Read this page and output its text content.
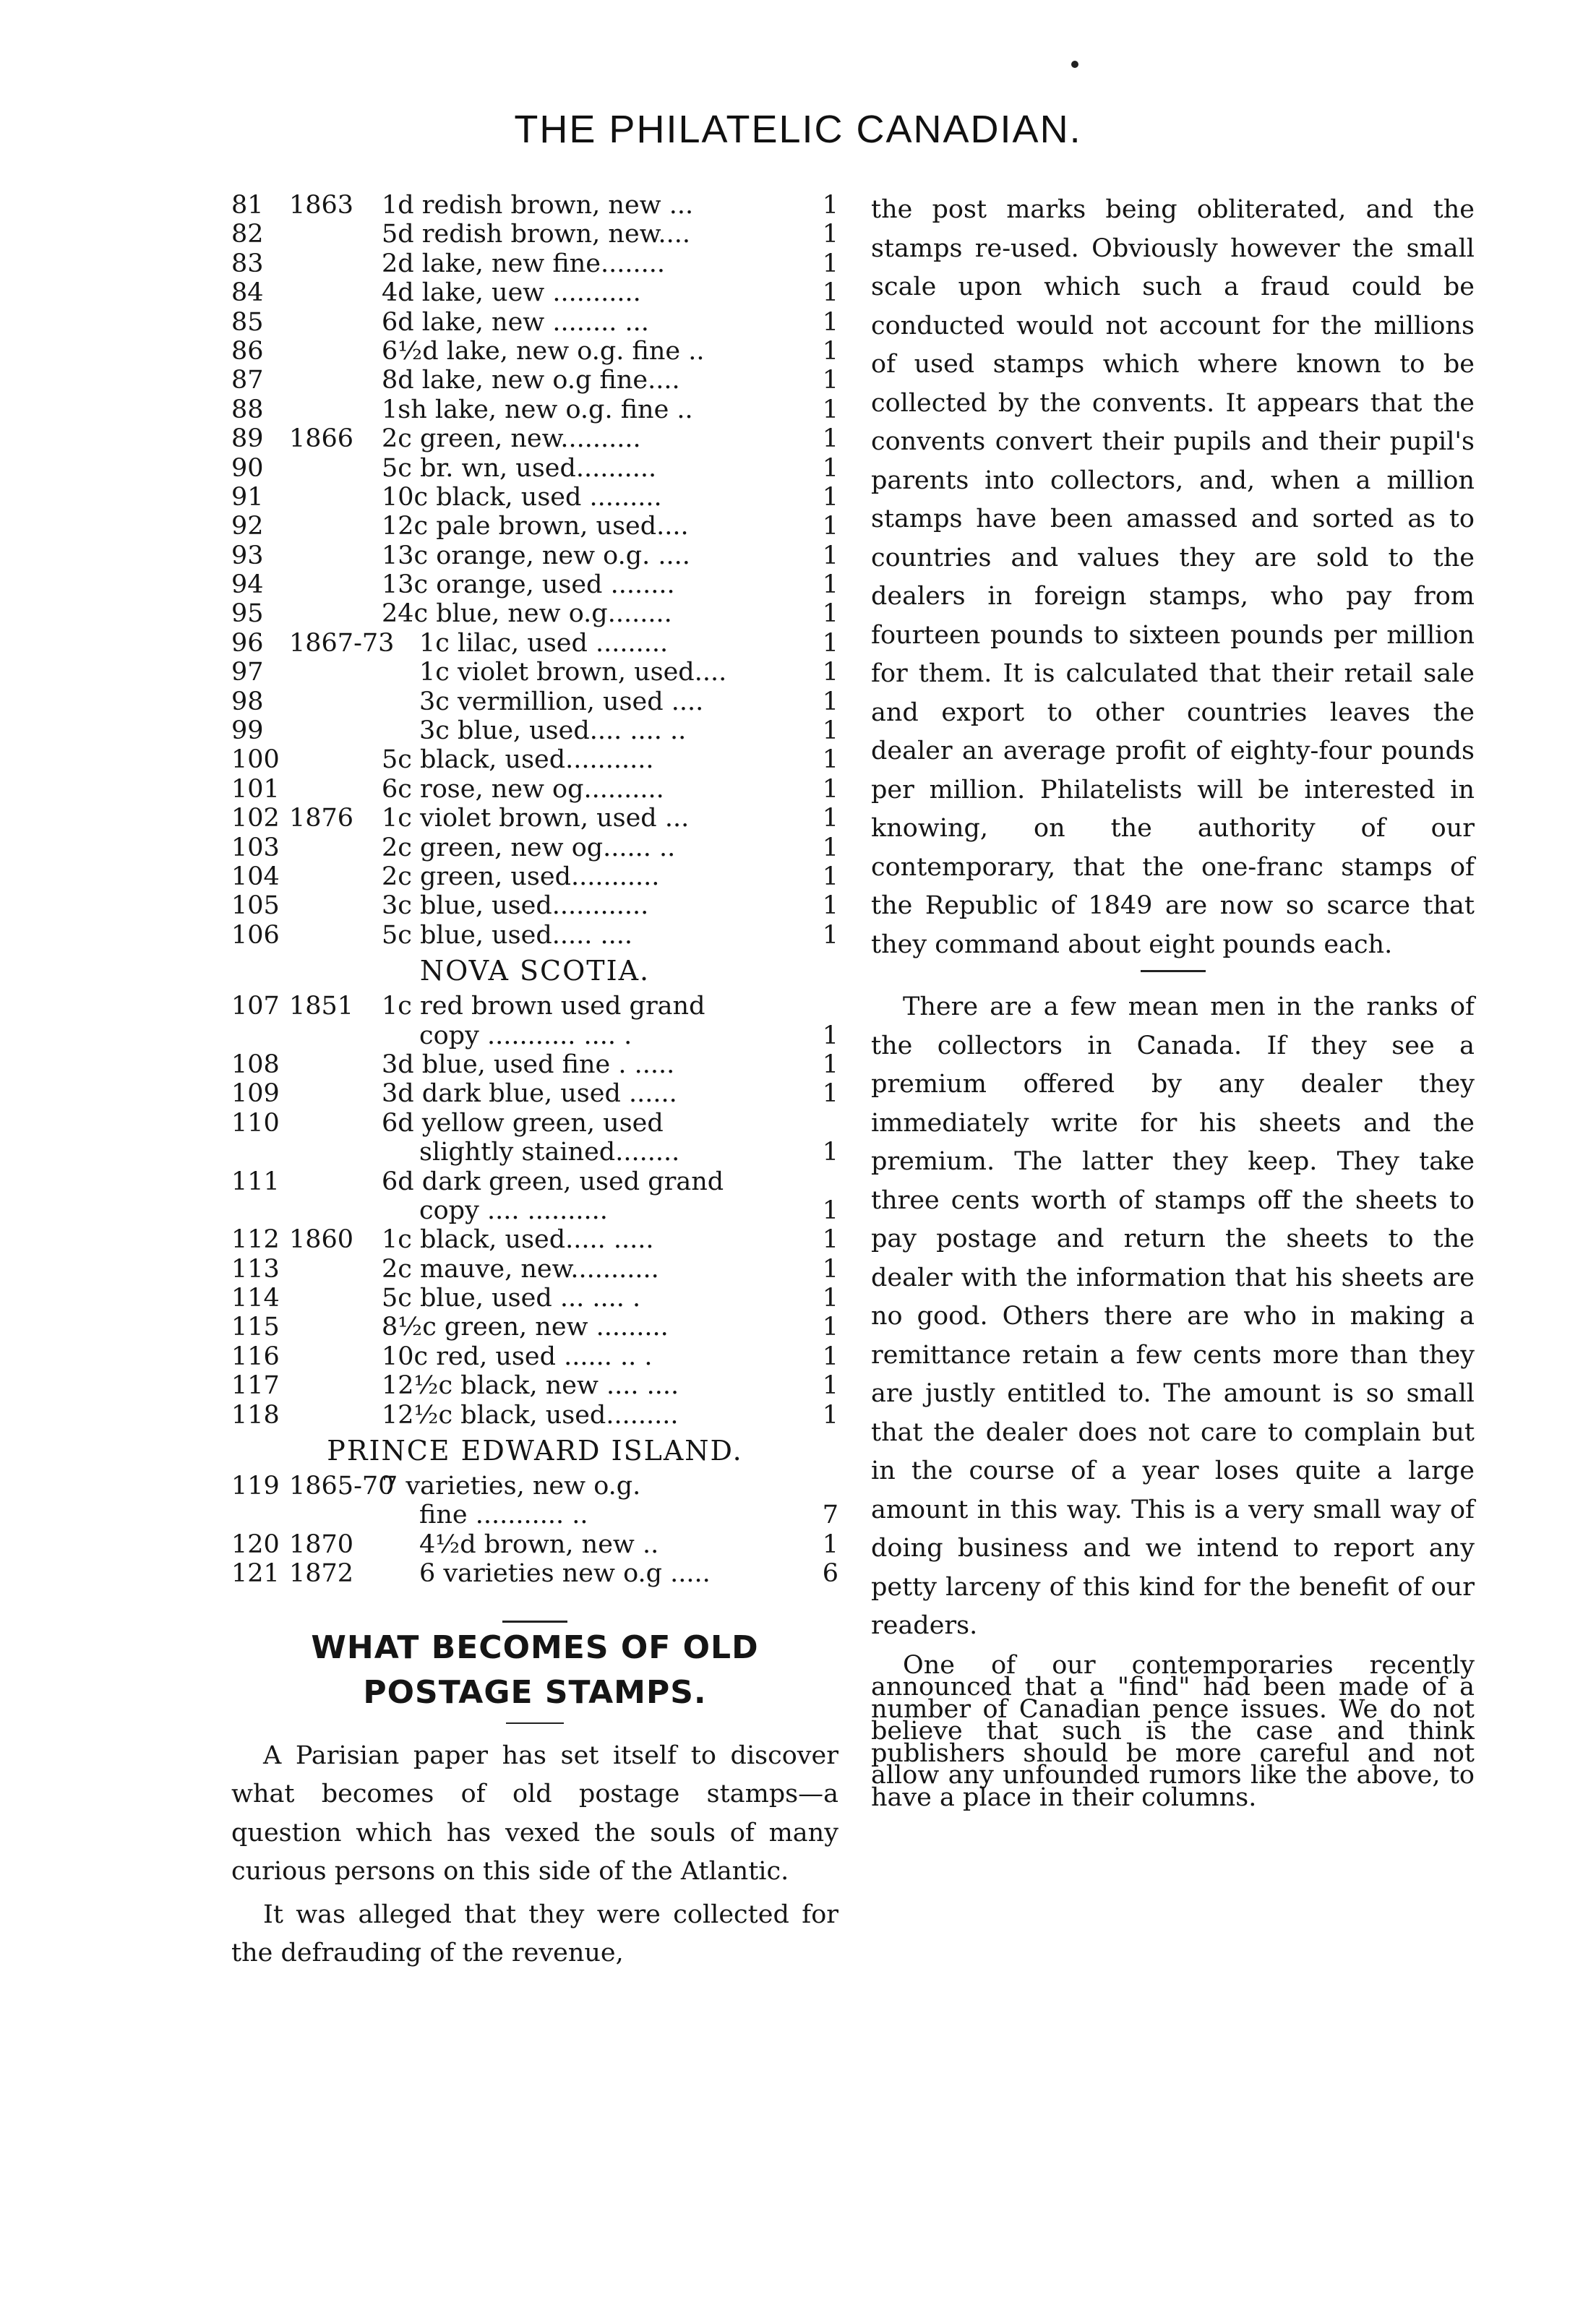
THE PHILATELIC CANADIAN.
81	1863	1d redish brown, new ...	1
82	5d redish brown, new....	1
83	2d lake, new fine........	1
84	4d lake, uew ...........	1
85	6d lake, new ........ ...	1
86	6½d lake, new o.g. fine ..	1
87	8d lake, new o.g fine....	1
88	1sh lake, new o.g. fine ..	1
89	1866	2c green, new..........	1
90	5c br. wn, used..........	1
91	10c black, used .........	1
92	12c pale brown, used....	1
93	13c orange, new o.g. ....	1
94	13c orange, used ........	1
95	24c blue, new o.g........	1
96	1867-73 1c lilac, used .........	1
97	1c violet brown, used....	1
98	3c vermillion, used ....	1
99	3c blue, used.... .... ..	1
100	5c black, used...........	1
101	6c rose, new og..........	1
102 1876	1c violet brown, used ...	1
103	2c green, new og...... ..	1
104	2c green, used...........	1
105	3c blue, used............	1
106	5c blue, used..... ....	1
NOVA SCOTIA.
107 1851	1c red brown used grand
copy ........... .... .	1
108	3d blue, used fine . .....	1
109	3d dark blue, used ......	1
110	6d yellow green, used
slightly stained........	1
111	6d dark green, used grand
copy .... ..........	1
112 1860	1c black, used..... .....	1
113	2c mauve, new...........	1
114	5c blue, used ... .... .	1
115	8½c green, new .........	1
116	10c red, used ...... .. .	1
117	12½c black, new .... ....	1
118	12½c black, used.........	1
PRINCE EDWARD ISLAND.
119 1865-70
7 varieties, new o.g.
fine ........... ..	7
120 1870	4½d brown, new ..	1
121 1872	6 varieties new o.g .....	6
WHAT BECOMES OF OLD
POSTAGE STAMPS.

A Parisian paper has set itself to discover what becomes of old postage stamps—a question which has vexed the souls of many curious persons on this side of the Atlantic.

It was alleged that they were collected for the defrauding of the revenue,

the post marks being obliterated, and the stamps re-used. Obviously however the small scale upon which such a fraud could be conducted would not account for the millions of used stamps which where known to be collected by the convents. It appears that the convents convert their pupils and their pupil's parents into collectors, and, when a million stamps have been amassed and sorted as to countries and values they are sold to the dealers in foreign stamps, who pay from fourteen pounds to sixteen pounds per million for them. It is calculated that their retail sale and export to other countries leaves the dealer an average profit of eighty-four pounds per million. Philatelists will be interested in knowing, on the authority of our contemporary, that the one-franc stamps of the Republic of 1849 are now so scarce that they command about eight pounds each.

There are a few mean men in the ranks of the collectors in Canada. If they see a premium offered by any dealer they immediately write for his sheets and the premium. The latter they keep. They take three cents worth of stamps off the sheets to pay postage and return the sheets to the dealer with the information that his sheets are no good. Others there are who in making a remittance retain a few cents more than they are justly entitled to. The amount is so small that the dealer does not care to complain but in the course of a year loses quite a large amount in this way. This is a very small way of doing business and we intend to report any petty larceny of this kind for the benefit of our readers.

One of our contemporaries recently announced that a "find" had been made of a number of Canadian pence issues. We do not believe that such is the case and think publishers should be more careful and not allow any unfounded rumors like the above, to have a place in their columns.
